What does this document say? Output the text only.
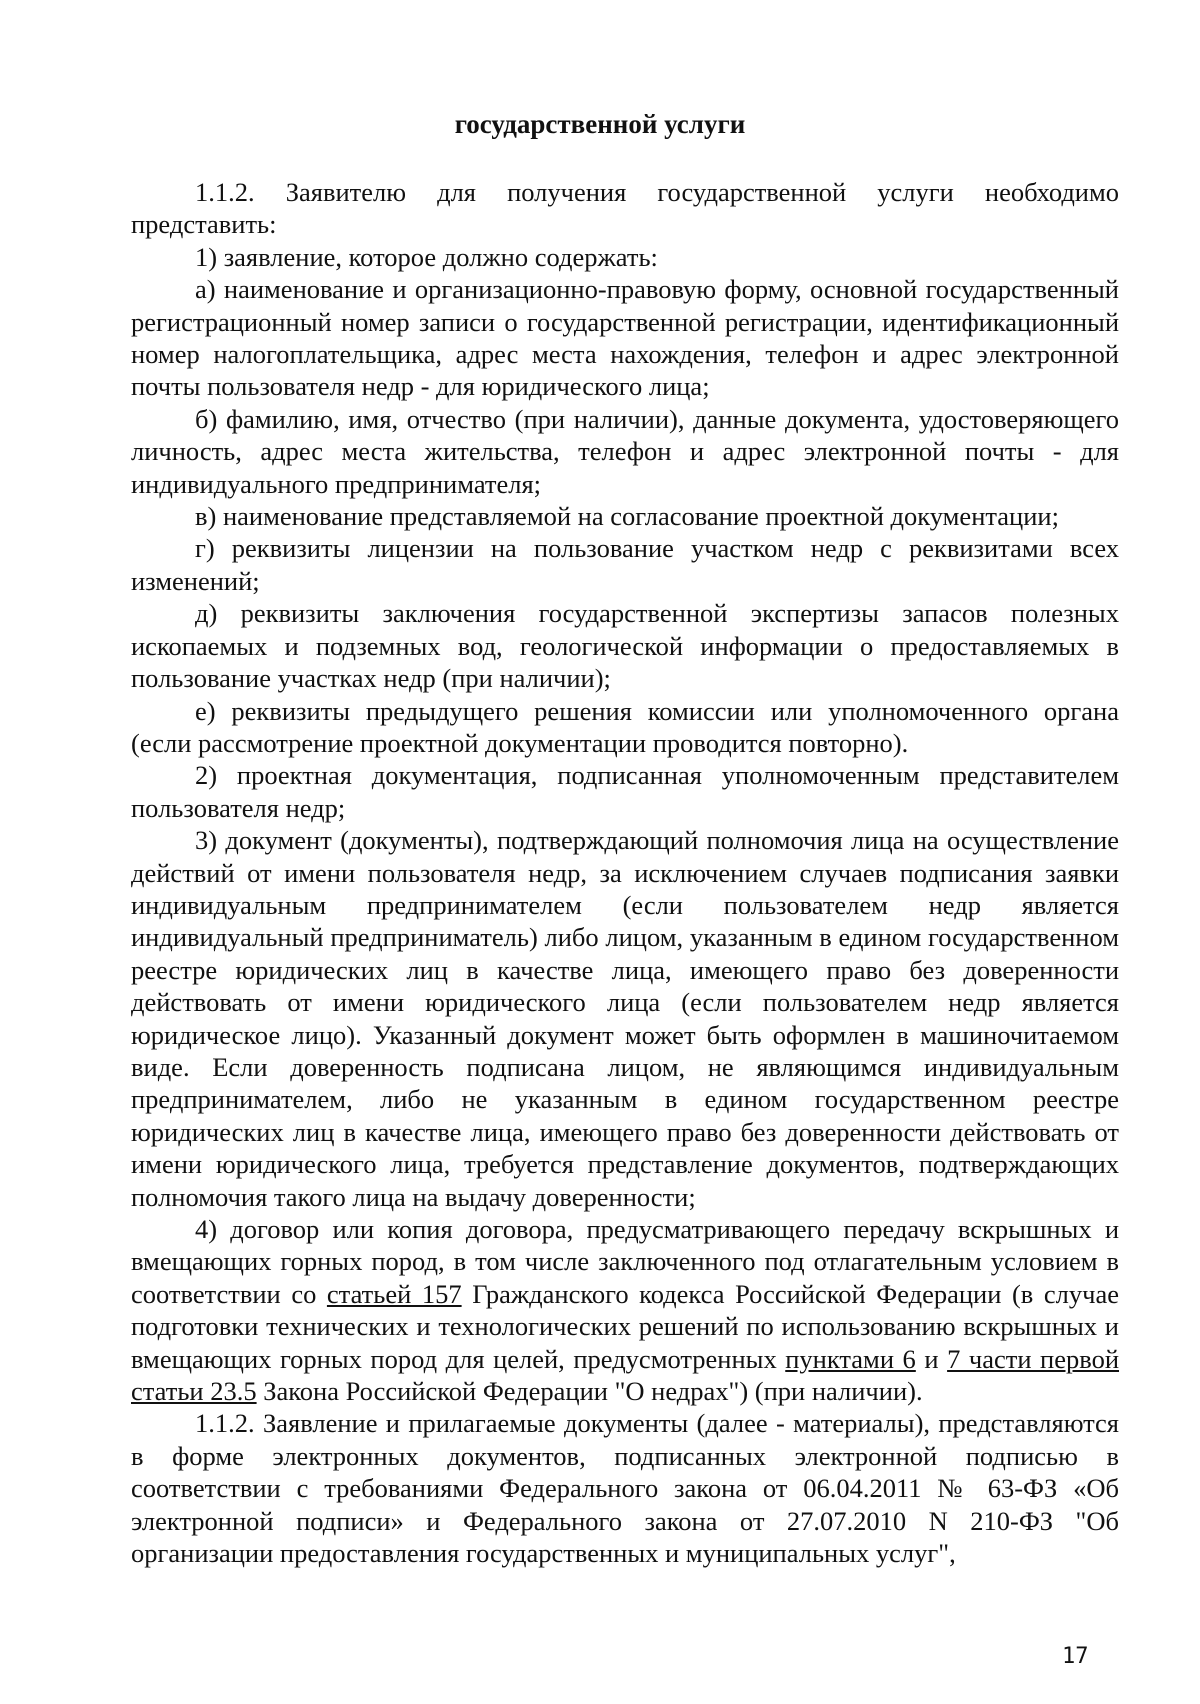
государственной услуги

1.1.2. Заявителю для получения государственной услуги необходимо представить:

1) заявление, которое должно содержать:

а) наименование и организационно-правовую форму, основной государственный регистрационный номер записи о государственной регистрации, идентификационный номер налогоплательщика, адрес места нахождения, телефон и адрес электронной почты пользователя недр - для юридического лица;

б) фамилию, имя, отчество (при наличии), данные документа, удостоверяющего личность, адрес места жительства, телефон и адрес электронной почты - для индивидуального предпринимателя;

в) наименование представляемой на согласование проектной документации;

г) реквизиты лицензии на пользование участком недр с реквизитами всех изменений;

д) реквизиты заключения государственной экспертизы запасов полезных ископаемых и подземных вод, геологической информации о предоставляемых в пользование участках недр (при наличии);

е) реквизиты предыдущего решения комиссии или уполномоченного органа (если рассмотрение проектной документации проводится повторно).

2) проектная документация, подписанная уполномоченным представителем пользователя недр;

3) документ (документы), подтверждающий полномочия лица на осуществление действий от имени пользователя недр, за исключением случаев подписания заявки индивидуальным предпринимателем (если пользователем недр является индивидуальный предприниматель) либо лицом, указанным в едином государственном реестре юридических лиц в качестве лица, имеющего право без доверенности действовать от имени юридического лица (если пользователем недр является юридическое лицо). Указанный документ может быть оформлен в машиночитаемом виде. Если доверенность подписана лицом, не являющимся индивидуальным предпринимателем, либо не указанным в едином государственном реестре юридических лиц в качестве лица, имеющего право без доверенности действовать от имени юридического лица, требуется представление документов, подтверждающих полномочия такого лица на выдачу доверенности;

4) договор или копия договора, предусматривающего передачу вскрышных и вмещающих горных пород, в том числе заключенного под отлагательным условием в соответствии со статьей 157 Гражданского кодекса Российской Федерации (в случае подготовки технических и технологических решений по использованию вскрышных и вмещающих горных пород для целей, предусмотренных пунктами 6 и 7 части первой статьи 23.5 Закона Российской Федерации "О недрах") (при наличии).

1.1.2. Заявление и прилагаемые документы (далее - материалы), представляются в форме электронных документов, подписанных электронной подписью в соответствии с требованиями Федерального закона от 06.04.2011 № 63-ФЗ «Об электронной подписи» и Федерального закона от 27.07.2010 N 210-ФЗ "Об организации предоставления государственных и муниципальных услуг",

17
